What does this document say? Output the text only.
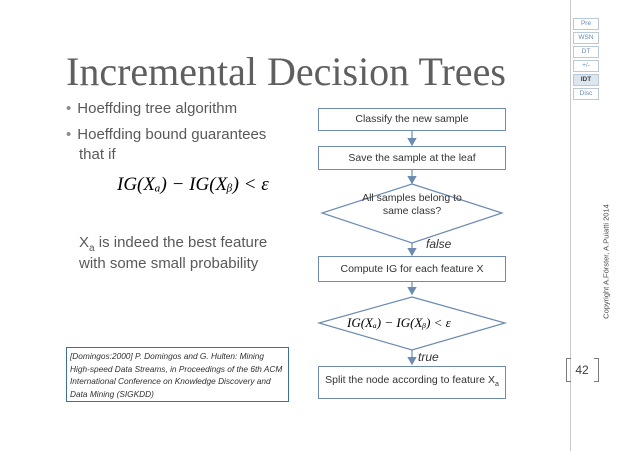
Incremental Decision Trees
• Hoeffding tree algorithm
• Hoeffding bound guarantees
that if
IG(Xₐ) − IG(Xᵦ) < ε
$X_a$ is indeed the best feature
with some small probability
[Domingos:2000] P. Domingos and G. Hulten: Mining High-speed Data Streams, in Proceedings of the 6th ACM International Conference on Knowledge Discovery and Data Mining (SIGKDD)
Classify the new sample
Save the sample at the leaf
All samples belong to same class?
false
Compute IG for each feature X
IG(Xₐ) − IG(Xᵦ) < ε
true
Split the node according to feature $X_a$
Pre
WSN
DT
+/-
IDT
Disc
Copyright A.Förster, A.Puiatti 2014
42
